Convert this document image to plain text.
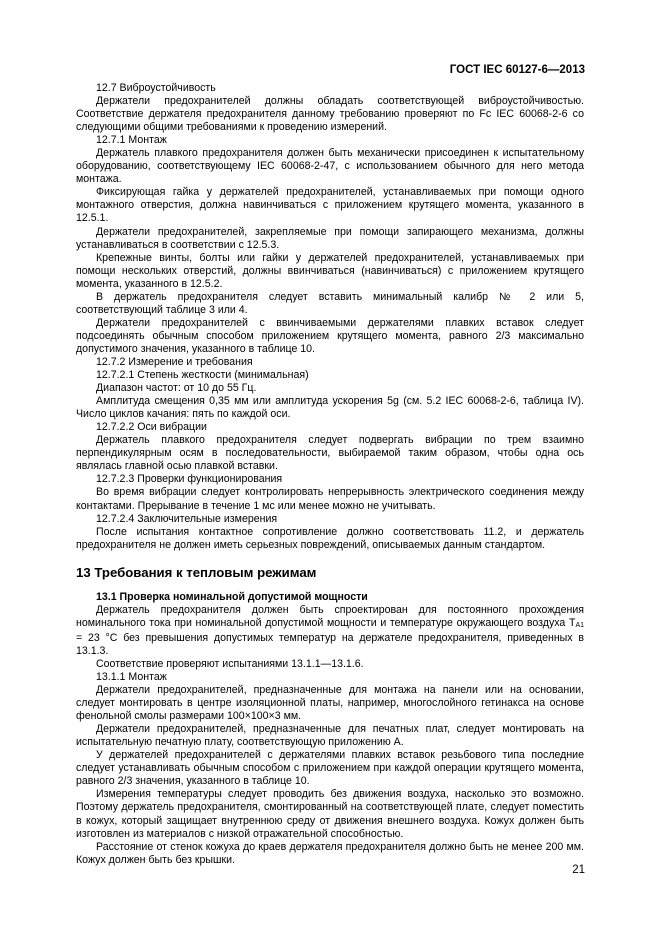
ГОСТ IEC 60127-6—2013

12.7 Виброустойчивость

Держатели предохранителей должны обладать соответствующей виброустойчивостью. Соответствие держателя предохранителя данному требованию проверяют по Fc IEC 60068-2-6 со следующими общими требованиями к проведению измерений.

12.7.1 Монтаж

Держатель плавкого предохранителя должен быть механически присоединен к испытательному оборудованию, соответствующему IEC 60068-2-47, с использованием обычного для него метода монтажа.

Фиксирующая гайка у держателей предохранителей, устанавливаемых при помощи одного монтажного отверстия, должна навинчиваться с приложением крутящего момента, указанного в 12.5.1.

Держатели предохранителей, закрепляемые при помощи запирающего механизма, должны устанавливаться в соответствии с 12.5.3.

Крепежные винты, болты или гайки у держателей предохранителей, устанавливаемых при помощи нескольких отверстий, должны ввинчиваться (навинчиваться) с приложением крутящего момента, указанного в 12.5.2.

В держатель предохранителя следует вставить минимальный калибр № 2 или 5, соответствующий таблице 3 или 4.

Держатели предохранителей с ввинчиваемыми держателями плавких вставок следует подсоединять обычным способом приложением крутящего момента, равного 2/3 максимально допустимого значения, указанного в таблице 10.

12.7.2 Измерение и требования

12.7.2.1 Степень жесткости (минимальная)

Диапазон частот: от 10 до 55 Гц.

Амплитуда смещения 0,35 мм или амплитуда ускорения 5g (см. 5.2 IEC 60068-2-6, таблица IV). Число циклов качания: пять по каждой оси.

12.7.2.2 Оси вибрации

Держатель плавкого предохранителя следует подвергать вибрации по трем взаимно перпендикулярным осям в последовательности, выбираемой таким образом, чтобы одна ось являлась главной осью плавкой вставки.

12.7.2.3 Проверки функционирования

Во время вибрации следует контролировать непрерывность электрического соединения между контактами. Прерывание в течение 1 мс или менее можно не учитывать.

12.7.2.4 Заключительные измерения

После испытания контактное сопротивление должно соответствовать 11.2, и держатель предохранителя не должен иметь серьезных повреждений, описываемых данным стандартом.

13 Требования к тепловым режимам

13.1 Проверка номинальной допустимой мощности

Держатель предохранителя должен быть спроектирован для постоянного прохождения номинального тока при номинальной допустимой мощности и температуре окружающего воздуха TA1 = 23 °С без превышения допустимых температур на держателе предохранителя, приведенных в 13.1.3.

Соответствие проверяют испытаниями 13.1.1—13.1.6.

13.1.1 Монтаж

Держатели предохранителей, предназначенные для монтажа на панели или на основании, следует монтировать в центре изоляционной платы, например, многослойного гетинакса на основе фенольной смолы размерами 100×100×3 мм.

Держатели предохранителей, предназначенные для печатных плат, следует монтировать на испытательную печатную плату, соответствующую приложению А.

У держателей предохранителей с держателями плавких вставок резьбового типа последние следует устанавливать обычным способом с приложением при каждой операции крутящего момента, равного 2/3 значения, указанного в таблице 10.

Измерения температуры следует проводить без движения воздуха, насколько это возможно. Поэтому держатель предохранителя, смонтированный на соответствующей плате, следует поместить в кожух, который защищает внутреннюю среду от движения внешнего воздуха. Кожух должен быть изготовлен из материалов с низкой отражательной способностью.

Расстояние от стенок кожуха до краев держателя предохранителя должно быть не менее 200 мм. Кожух должен быть без крышки.

21
